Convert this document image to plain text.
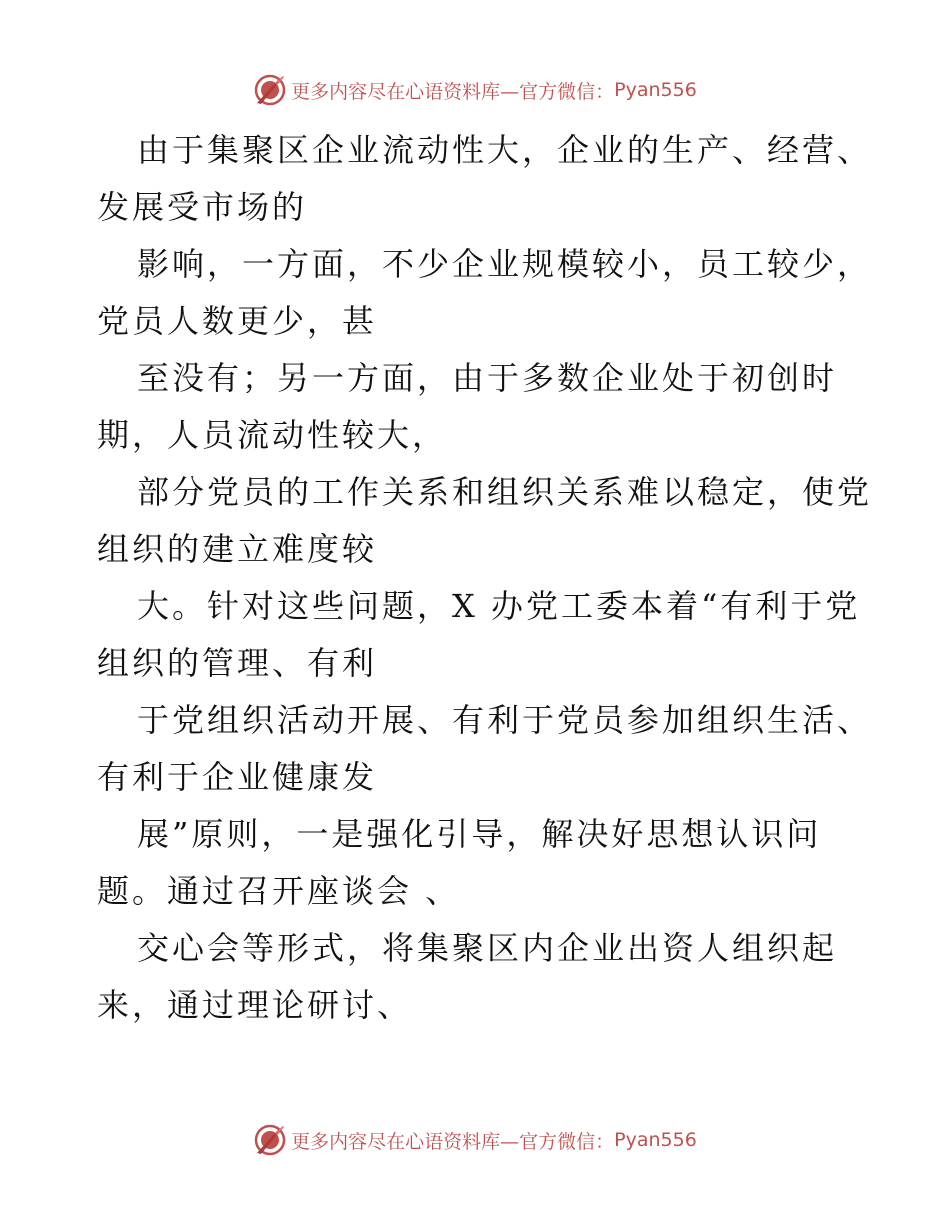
更多内容尽在心语资料库—官方微信： Pyan556
由于集聚区企业流动性大，企业的生产、经营、
发展受市场的
影响，一方面，不少企业规模较小，员工较少，
党员人数更少，甚
至没有；另一方面，由于多数企业处于初创时
期，人员流动性较大，
部分党员的工作关系和组织关系难以稳定，使党
组织的建立难度较
大。针对这些问题，X 办党工委本着“有利于党
组织的管理、有利
于党组织活动开展、有利于党员参加组织生活、
有利于企业健康发
展”原则，一是强化引导，解决好思想认识问
题。通过召开座谈会 、
交心会等形式，将集聚区内企业出资人组织起
来，通过理论研讨、
更多内容尽在心语资料库—官方微信： Pyan556
